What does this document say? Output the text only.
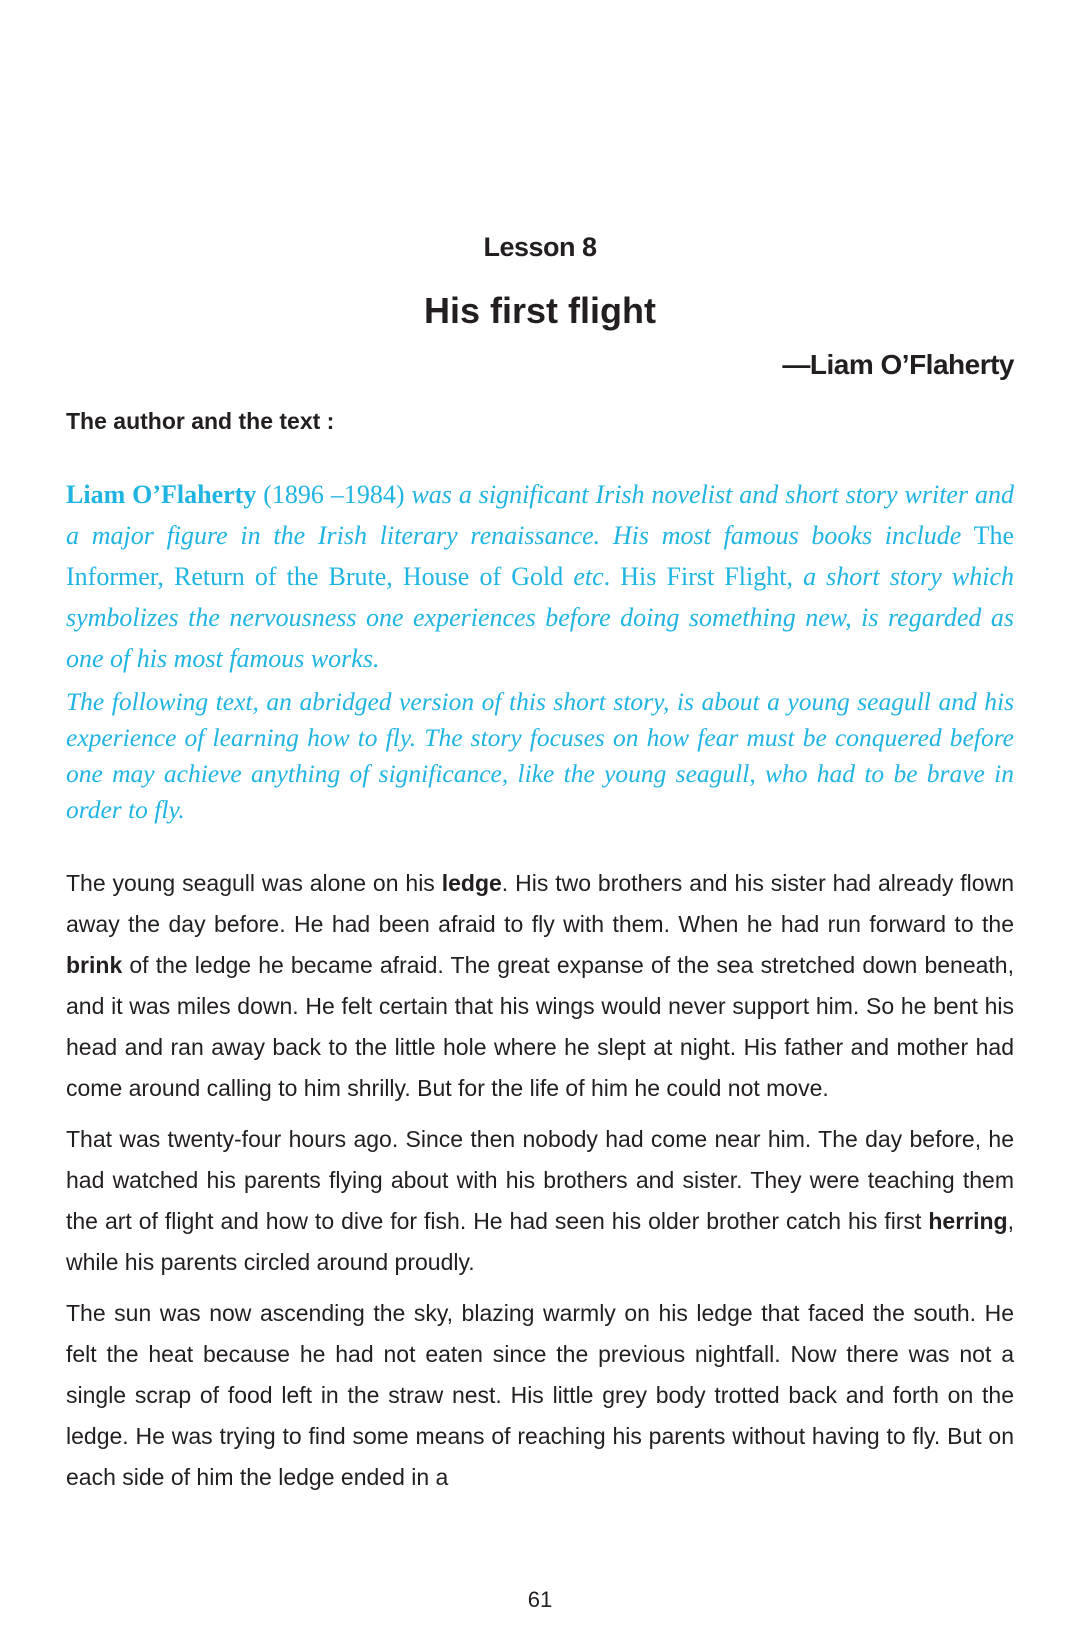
Lesson 8
His first flight
—Liam O’Flaherty
The author and the text :

Liam O’Flaherty (1896 –1984) was a significant Irish novelist and short story writer and a major figure in the Irish literary renaissance. His most famous books include The Informer, Return of the Brute, House of Gold etc. His First Flight, a short story which symbolizes the nervousness one experiences before doing something new, is regarded as one of his most famous works.

The following text, an abridged version of this short story, is about a young seagull and his experience of learning how to fly. The story focuses on how fear must be conquered before one may achieve anything of significance, like the young seagull, who had to be brave in order to fly.

The young seagull was alone on his ledge. His two brothers and his sister had already flown away the day before. He had been afraid to fly with them. When he had run forward to the brink of the ledge he became afraid. The great expanse of the sea stretched down beneath, and it was miles down. He felt certain that his wings would never support him. So he bent his head and ran away back to the little hole where he slept at night. His father and mother had come around calling to him shrilly. But for the life of him he could not move.

That was twenty-four hours ago. Since then nobody had come near him. The day before, he had watched his parents flying about with his brothers and sister. They were teaching them the art of flight and how to dive for fish. He had seen his older brother catch his first herring, while his parents circled around proudly.

The sun was now ascending the sky, blazing warmly on his ledge that faced the south. He felt the heat because he had not eaten since the previous nightfall. Now there was not a single scrap of food left in the straw nest. His little grey body trotted back and forth on the ledge. He was trying to find some means of reaching his parents without having to fly. But on each side of him the ledge ended in a

61
